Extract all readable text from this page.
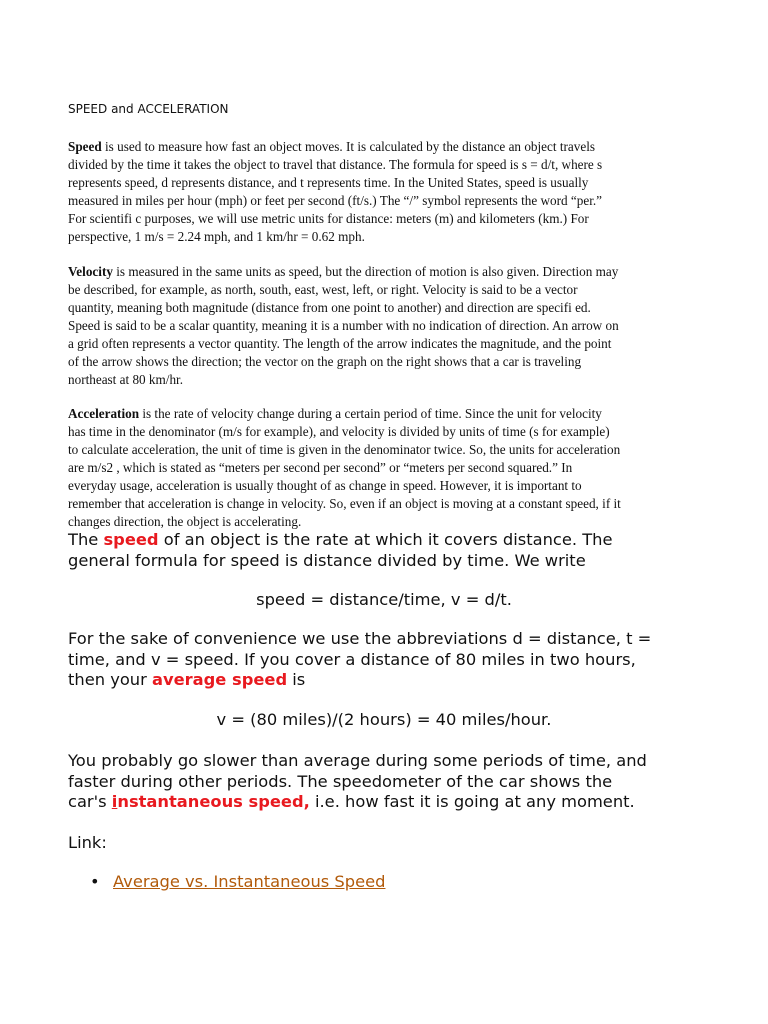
SPEED and ACCELERATION
Speed is used to measure how fast an object moves. It is calculated by the distance an object travels
divided by the time it takes the object to travel that distance. The formula for speed is s = d/t, where s
represents speed, d represents distance, and t represents time. In the United States, speed is usually
measured in miles per hour (mph) or feet per second (ft/s.) The “/” symbol represents the word “per.”
For scientifi c purposes, we will use metric units for distance: meters (m) and kilometers (km.) For
perspective, 1 m/s = 2.24 mph, and 1 km/hr = 0.62 mph.
Velocity is measured in the same units as speed, but the direction of motion is also given. Direction may
be described, for example, as north, south, east, west, left, or right. Velocity is said to be a vector
quantity, meaning both magnitude (distance from one point to another) and direction are specifi ed.
Speed is said to be a scalar quantity, meaning it is a number with no indication of direction. An arrow on
a grid often represents a vector quantity. The length of the arrow indicates the magnitude, and the point
of the arrow shows the direction; the vector on the graph on the right shows that a car is traveling
northeast at 80 km/hr.
Acceleration is the rate of velocity change during a certain period of time. Since the unit for velocity
has time in the denominator (m/s for example), and velocity is divided by units of time (s for example)
to calculate acceleration, the unit of time is given in the denominator twice. So, the units for acceleration
are m/s2 , which is stated as “meters per second per second” or “meters per second squared.” In
everyday usage, acceleration is usually thought of as change in speed. However, it is important to
remember that acceleration is change in velocity. So, even if an object is moving at a constant speed, if it
changes direction, the object is accelerating.
The speed of an object is the rate at which it covers distance. The
general formula for speed is distance divided by time. We write
speed = distance/time, v = d/t.
For the sake of convenience we use the abbreviations d = distance, t =
time, and v = speed. If you cover a distance of 80 miles in two hours,
then your average speed is
v = (80 miles)/(2 hours) = 40 miles/hour.
You probably go slower than average during some periods of time, and
faster during other periods. The speedometer of the car shows the
car's instantaneous speed, i.e. how fast it is going at any moment.
Link:
• Average vs. Instantaneous Speed
